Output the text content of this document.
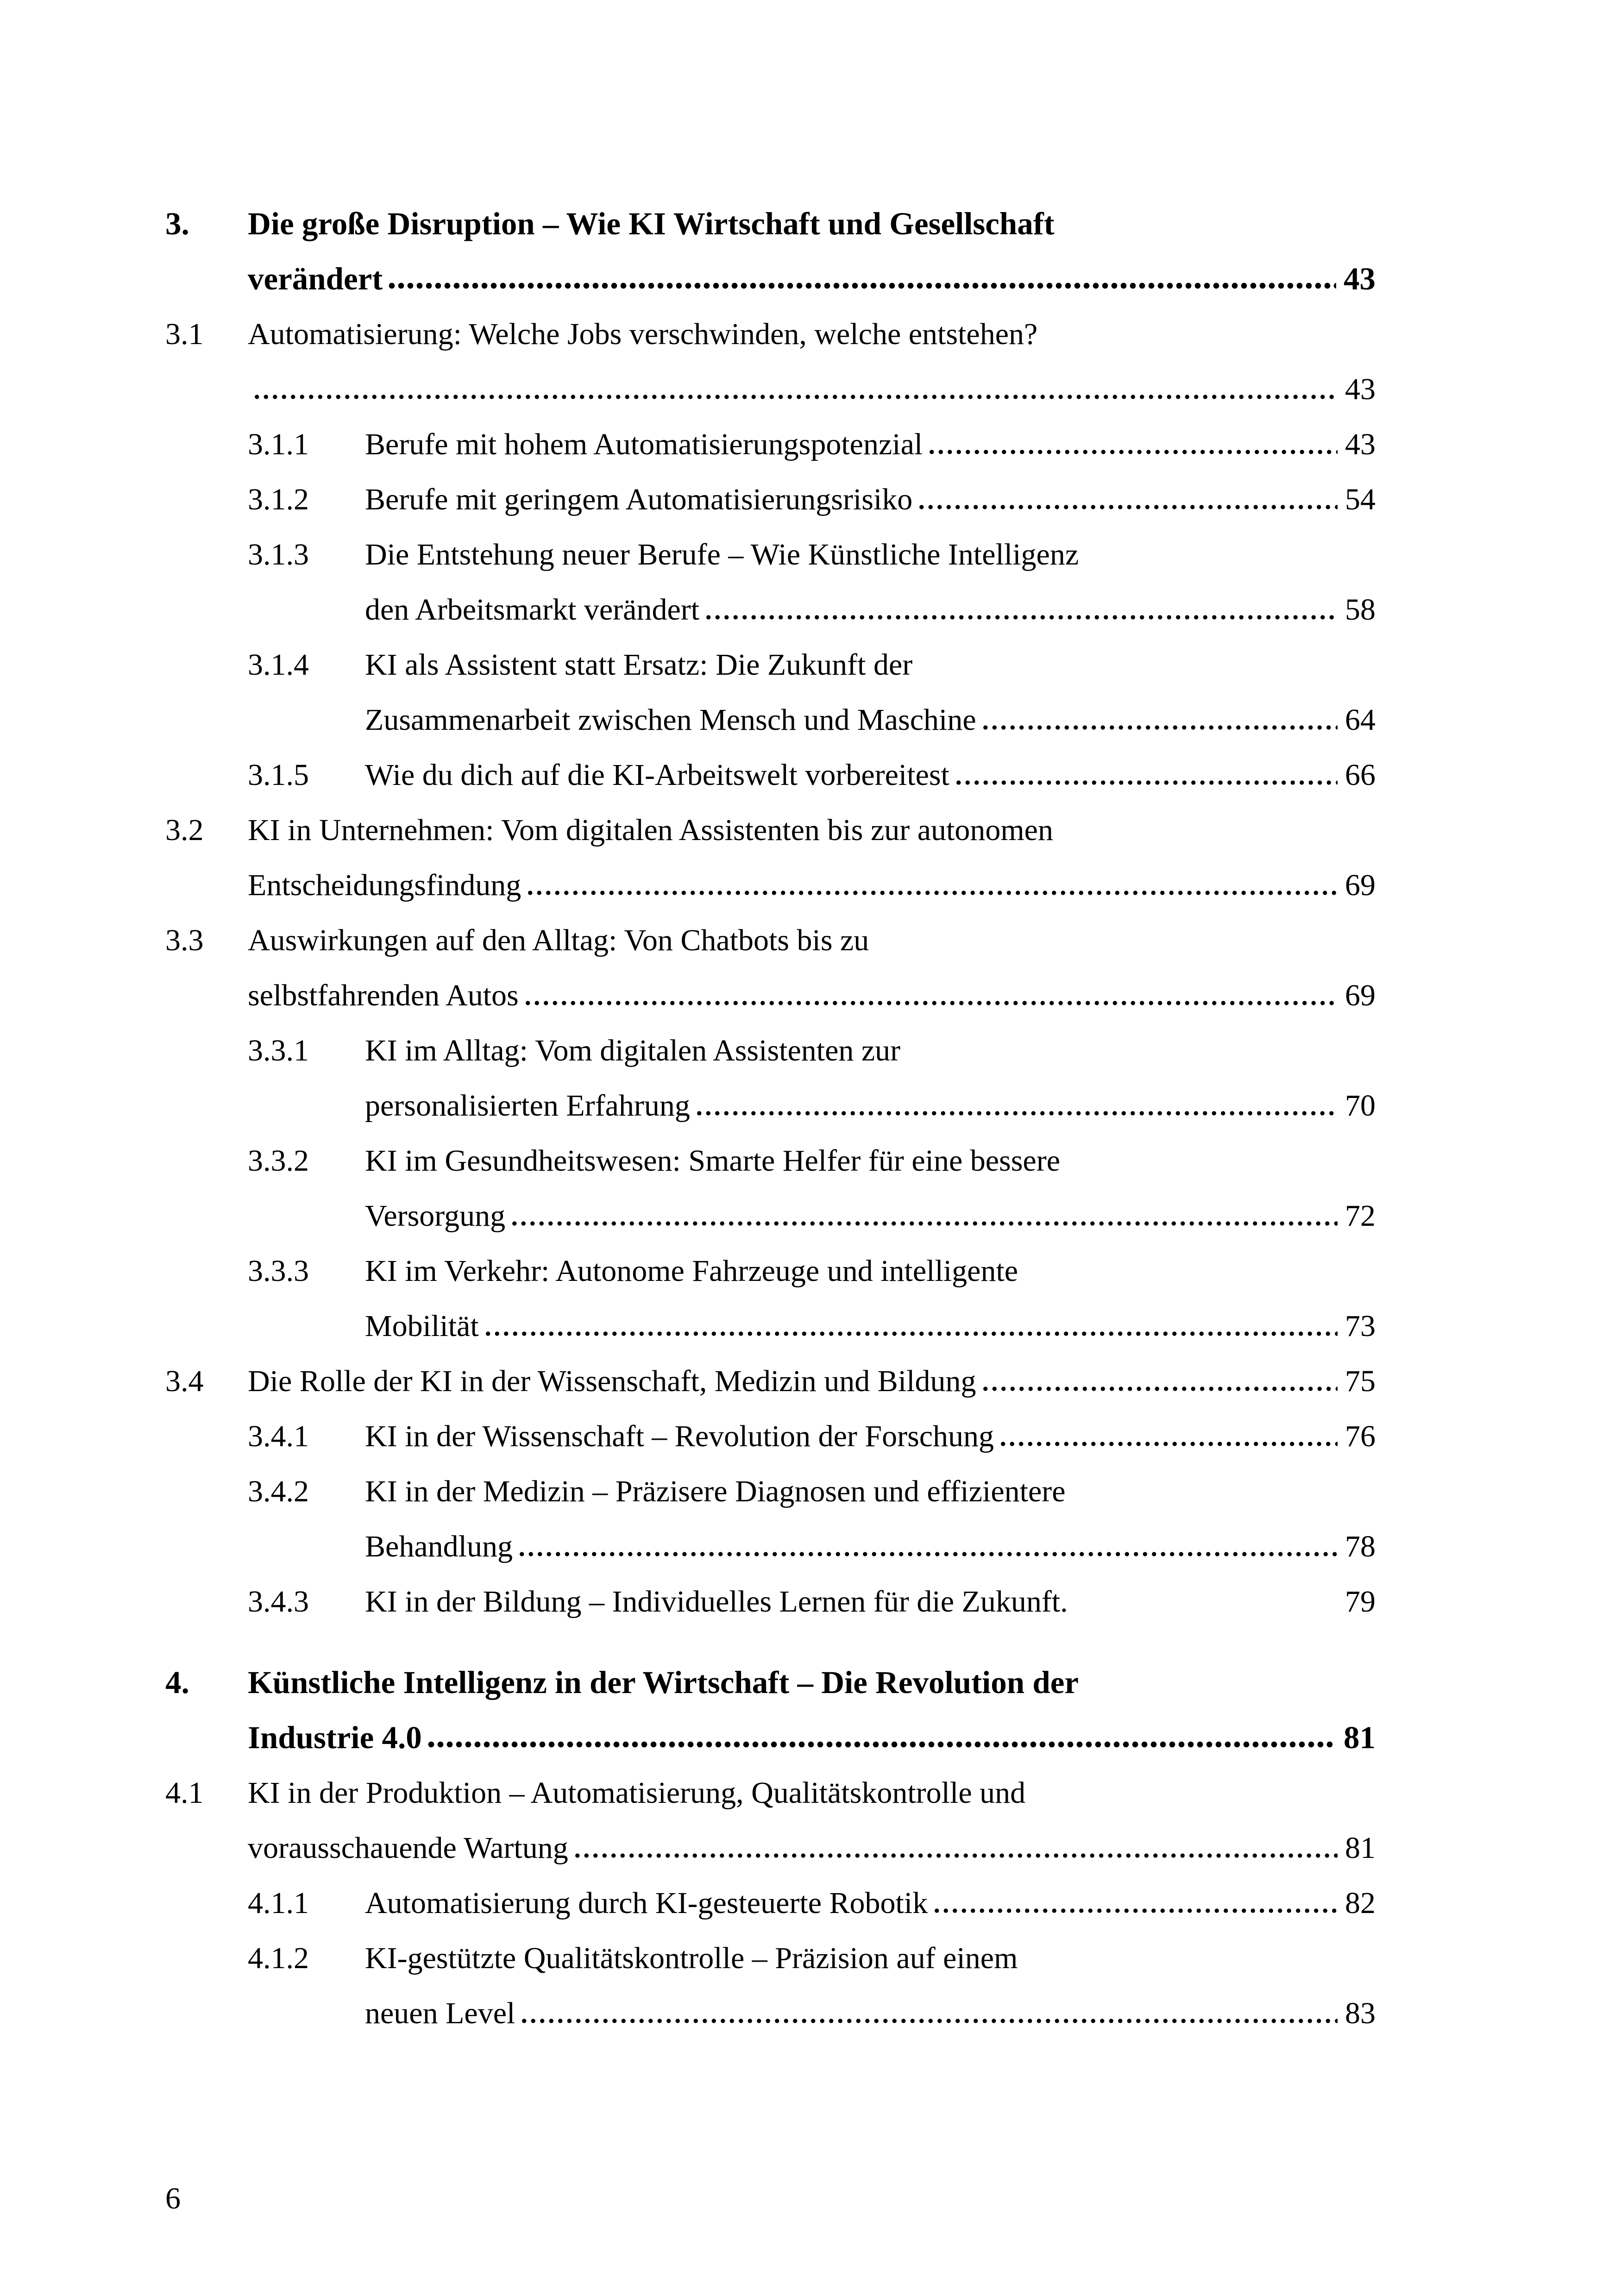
3.	Die große Disruption – Wie KI Wirtschaft und Gesellschaft
verändert	43
3.1	Automatisierung: Welche Jobs verschwinden, welche entstehen?
43
3.1.1	Berufe mit hohem Automatisierungspotenzial	43
3.1.2	Berufe mit geringem Automatisierungsrisiko	54
3.1.3	Die Entstehung neuer Berufe – Wie Künstliche Intelligenz
den Arbeitsmarkt verändert	58
3.1.4	KI als Assistent statt Ersatz: Die Zukunft der
Zusammenarbeit zwischen Mensch und Maschine	64
3.1.5	Wie du dich auf die KI-Arbeitswelt vorbereitest	66
3.2	KI in Unternehmen: Vom digitalen Assistenten bis zur autonomen
Entscheidungsfindung	69
3.3	Auswirkungen auf den Alltag: Von Chatbots bis zu
selbstfahrenden Autos	69
3.3.1	KI im Alltag: Vom digitalen Assistenten zur
personalisierten Erfahrung	70
3.3.2	KI im Gesundheitswesen: Smarte Helfer für eine bessere
Versorgung	72
3.3.3	KI im Verkehr: Autonome Fahrzeuge und intelligente
Mobilität	73
3.4	Die Rolle der KI in der Wissenschaft, Medizin und Bildung	75
3.4.1	KI in der Wissenschaft – Revolution der Forschung	76
3.4.2	KI in der Medizin – Präzisere Diagnosen und effizientere
Behandlung	78
3.4.3	KI in der Bildung – Individuelles Lernen für die Zukunft.	79
4.	Künstliche Intelligenz in der Wirtschaft – Die Revolution der
Industrie 4.0	81
4.1	KI in der Produktion – Automatisierung, Qualitätskontrolle und
vorausschauende Wartung	81
4.1.1	Automatisierung durch KI-gesteuerte Robotik	82
4.1.2	KI-gestützte Qualitätskontrolle – Präzision auf einem
neuen Level	83
6
